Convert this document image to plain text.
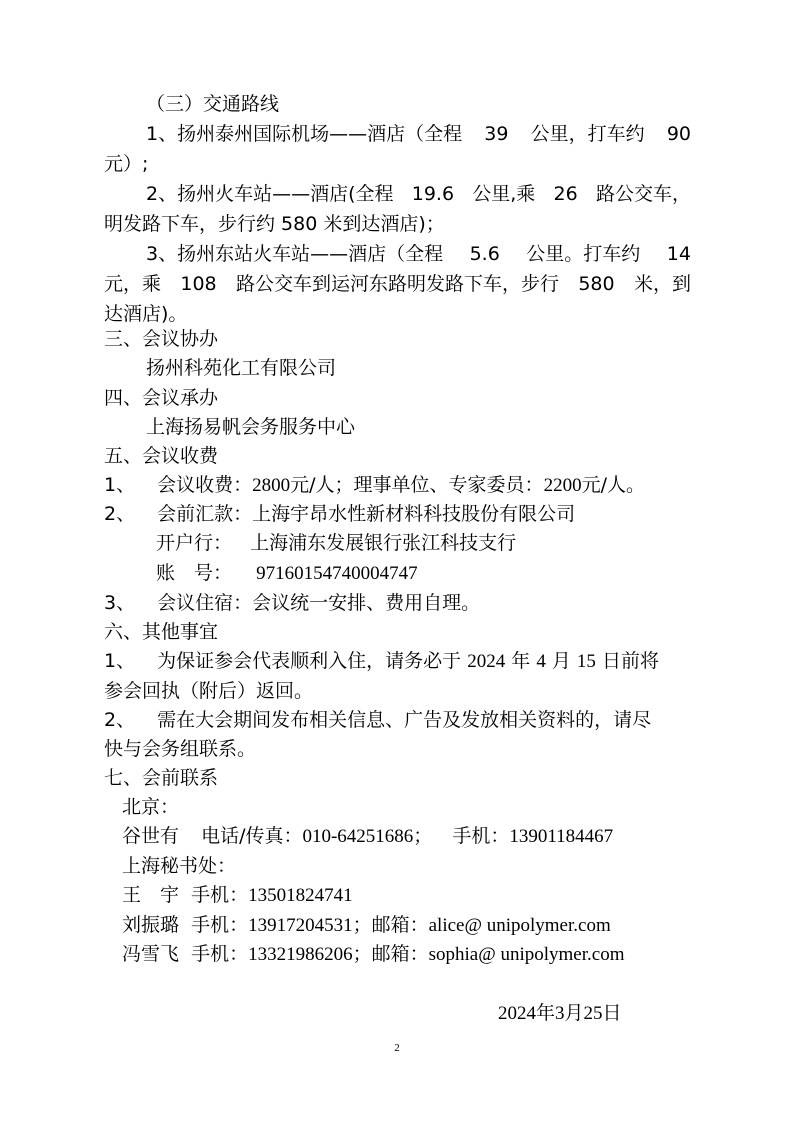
（三）交通路线
1、扬州泰州国际机场——酒店（全程 39 公里，打车约 90
元）;
2、扬州火车站——酒店(全程 19.6 公里,乘 26 路公交车，
明发路下车，步行约 580 米到达酒店)；
3、扬州东站火车站——酒店（全程 5.6 公里。打车约 14
元，乘 108 路公交车到运河东路明发路下车，步行 580 米，到
达酒店)。
三、会议协办
扬州科苑化工有限公司
四、会议承办
上海扬易帆会务服务中心
五、会议收费
1、 会议收费：2800元/人；理事单位、专家委员：2200元/人。
2、 会前汇款：上海宇昂水性新材料科技股份有限公司
开户行： 上海浦东发展银行张江科技支行
账　号： 97160154740004747
3、 会议住宿：会议统一安排、费用自理。
六、其他事宜
1、 为保证参会代表顺利入住，请务必于 2024 年 4 月 15 日前将
参会回执（附后）返回。
2、 需在大会期间发布相关信息、广告及发放相关资料的，请尽
快与会务组联系。
七、会前联系
北京：
谷世有 电话/传真：010-64251686； 手机：13901184467
上海秘书处：
王　宇 手机：13501824741
刘振璐 手机：13917204531；邮箱：alice@ unipolymer.com
冯雪飞 手机：13321986206；邮箱：sophia@ unipolymer.com
2024年3月25日
2
